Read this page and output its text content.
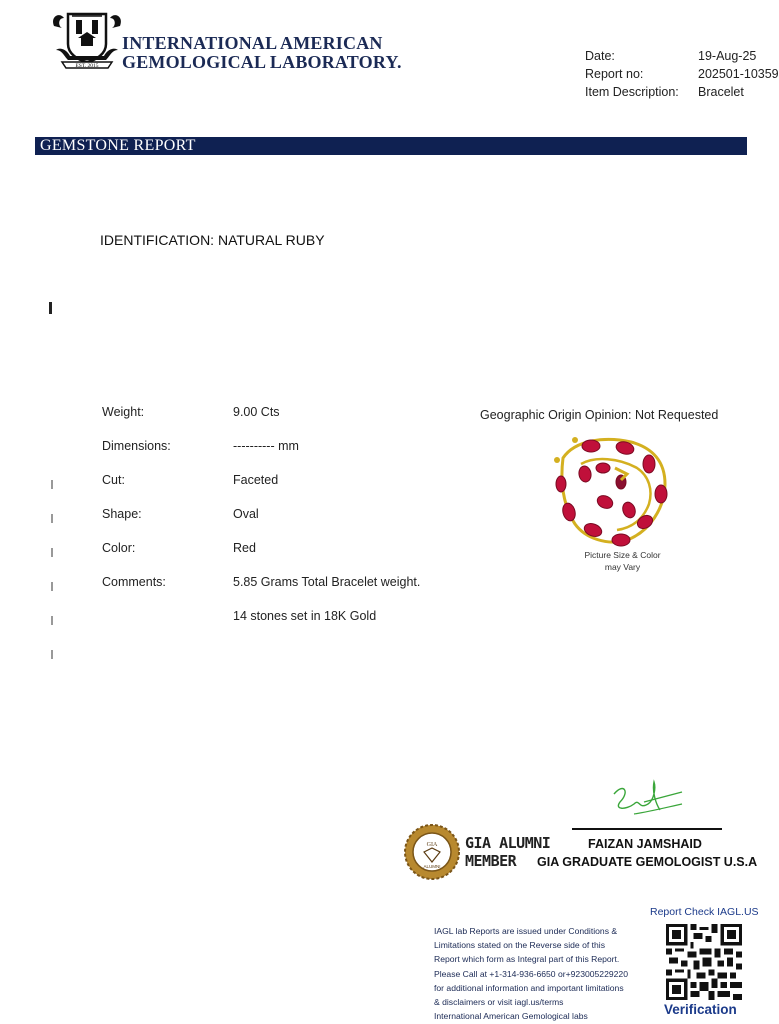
EST. 2015
INTERNATIONAL AMERICAN
GEMOLOGICAL LABORATORY.	Date:	19-Aug-25
Report no:	202501-10359
Item Description:	Bracelet
GEMSTONE REPORT
IDENTIFICATION: NATURAL RUBY
Weight:	9.00 Cts
Dimensions:	---------- mm
Cut:	Faceted
Shape:	Oval
Color:	Red
Comments:	5.85 Grams Total Bracelet weight.
14 stones set in 18K Gold
Geographic Origin Opinion: Not Requested
Picture Size & Color
may Vary
FAIZAN JAMSHAID
GIA GRADUATE GEMOLOGIST U.S.A
GIA
ALUMNI
GIA ALUMNI
MEMBER
IAGL lab Reports are issued under Conditions &
Limitations stated on the Reverse side of this
Report which form as Integral part of this Report.
Please Call at +1-314-936-6650 or+923005229220
for additional information and important limitations
& disclaimers or visit iagl.us/terms
International American Gemological labs
Report Check IAGL.US
Verification
